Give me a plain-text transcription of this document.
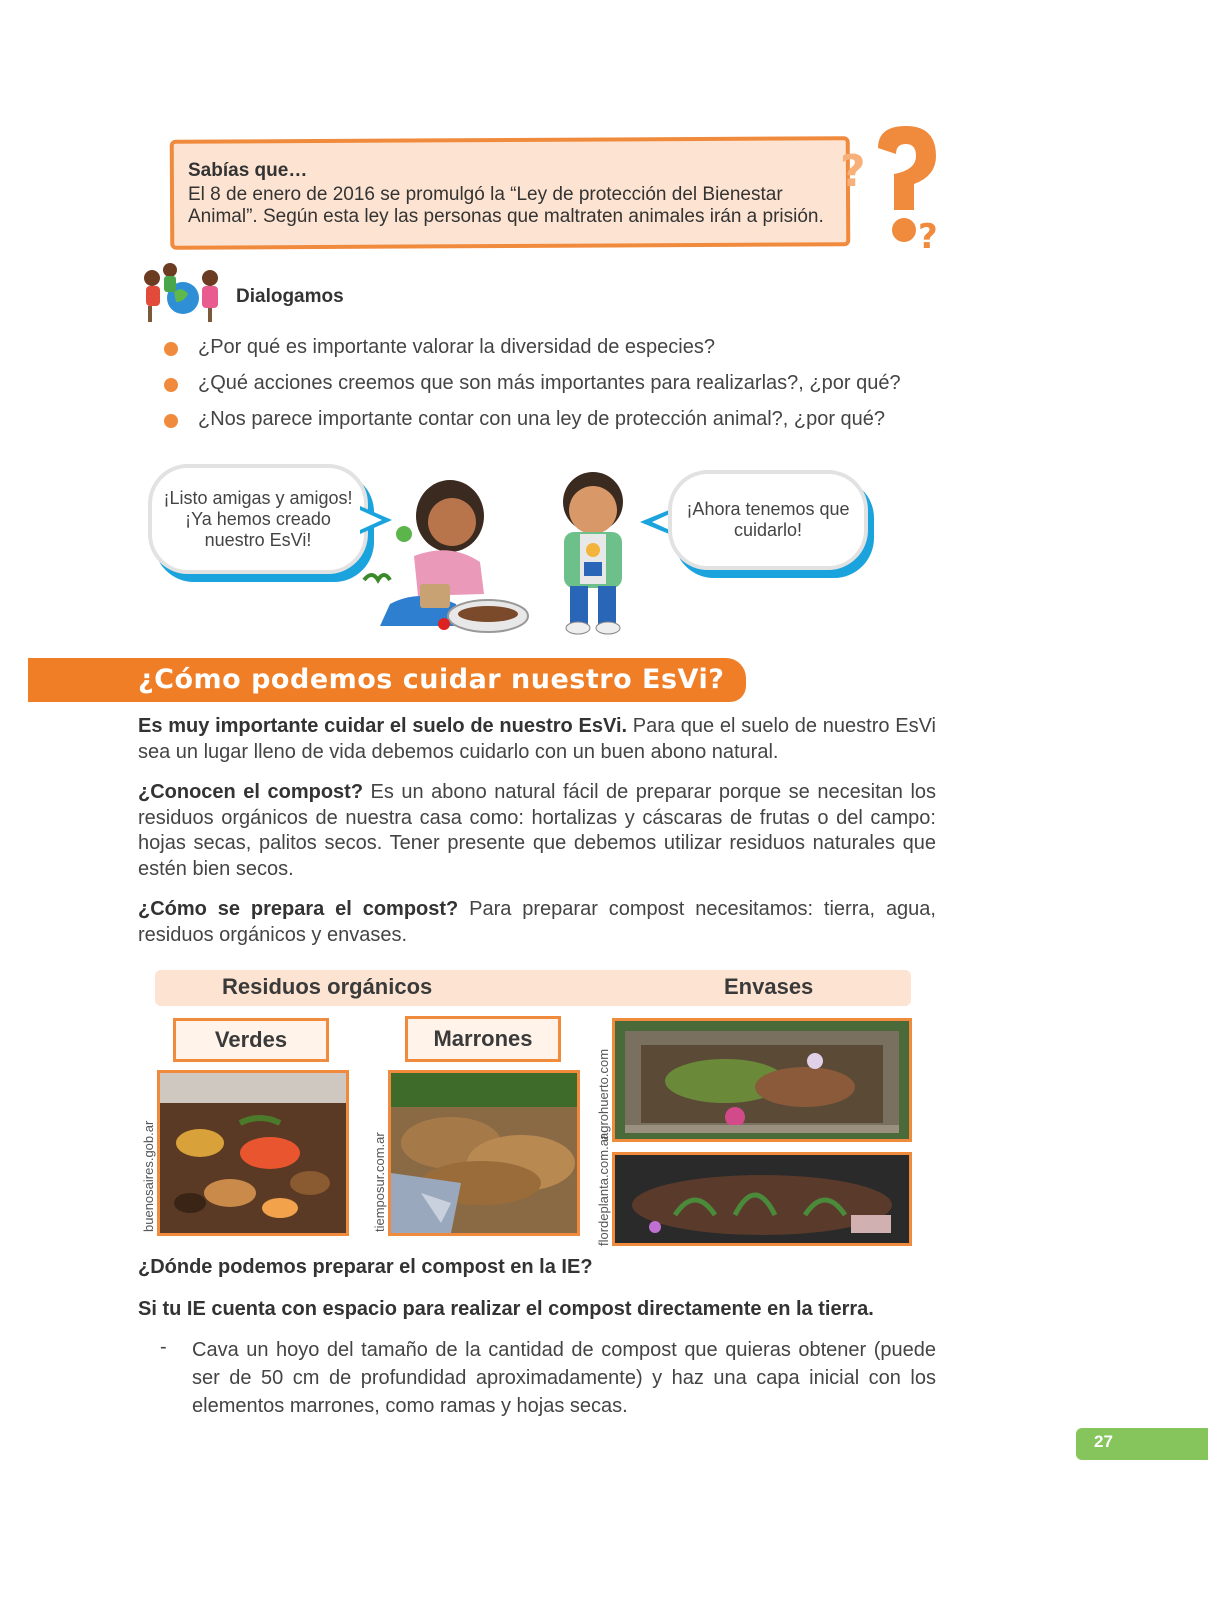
Sabías que…
El 8 de enero de 2016 se promulgó la “Ley de protección del Bienestar Animal”. Según esta ley las personas que maltraten animales irán a prisión.
?
?
Dialogamos
¿Por qué es importante valorar la diversidad de especies?
¿Qué acciones creemos que son más importantes para realizarlas?, ¿por qué?
¿Nos parece importante contar con una ley de protección animal?, ¿por qué?
¡Listo amigas y amigos!
¡Ya hemos creado
nuestro EsVi!
¡Ahora tenemos que
cuidarlo!
¿Cómo podemos cuidar nuestro EsVi?
Es muy importante cuidar el suelo de nuestro EsVi. Para que el suelo de nuestro EsVi sea un lugar lleno de vida debemos cuidarlo con un buen abono natural.
¿Conocen el compost? Es un abono natural fácil de preparar porque se necesitan los residuos orgánicos de nuestra casa como: hortalizas y cáscaras de frutas o del campo: hojas secas, palitos secos. Tener presente que debemos utilizar residuos naturales que estén bien secos.
¿Cómo se prepara el compost? Para preparar compost necesitamos: tierra, agua, residuos orgánicos y envases.
Residuos orgánicos	Envases
Verdes	Marrones
buenosaires.gob.ar	tiemposur.com.ar	flordeplanta.com.ar
agrohuerto.com
¿Dónde podemos preparar el compost en la IE?
Si tu IE cuenta con espacio para realizar el compost directamente en la tierra.
- Cava un hoyo del tamaño de la cantidad de compost que quieras obtener (puede ser de 50 cm de profundidad aproximadamente) y haz una capa inicial con los elementos marrones, como ramas y hojas secas.
27
